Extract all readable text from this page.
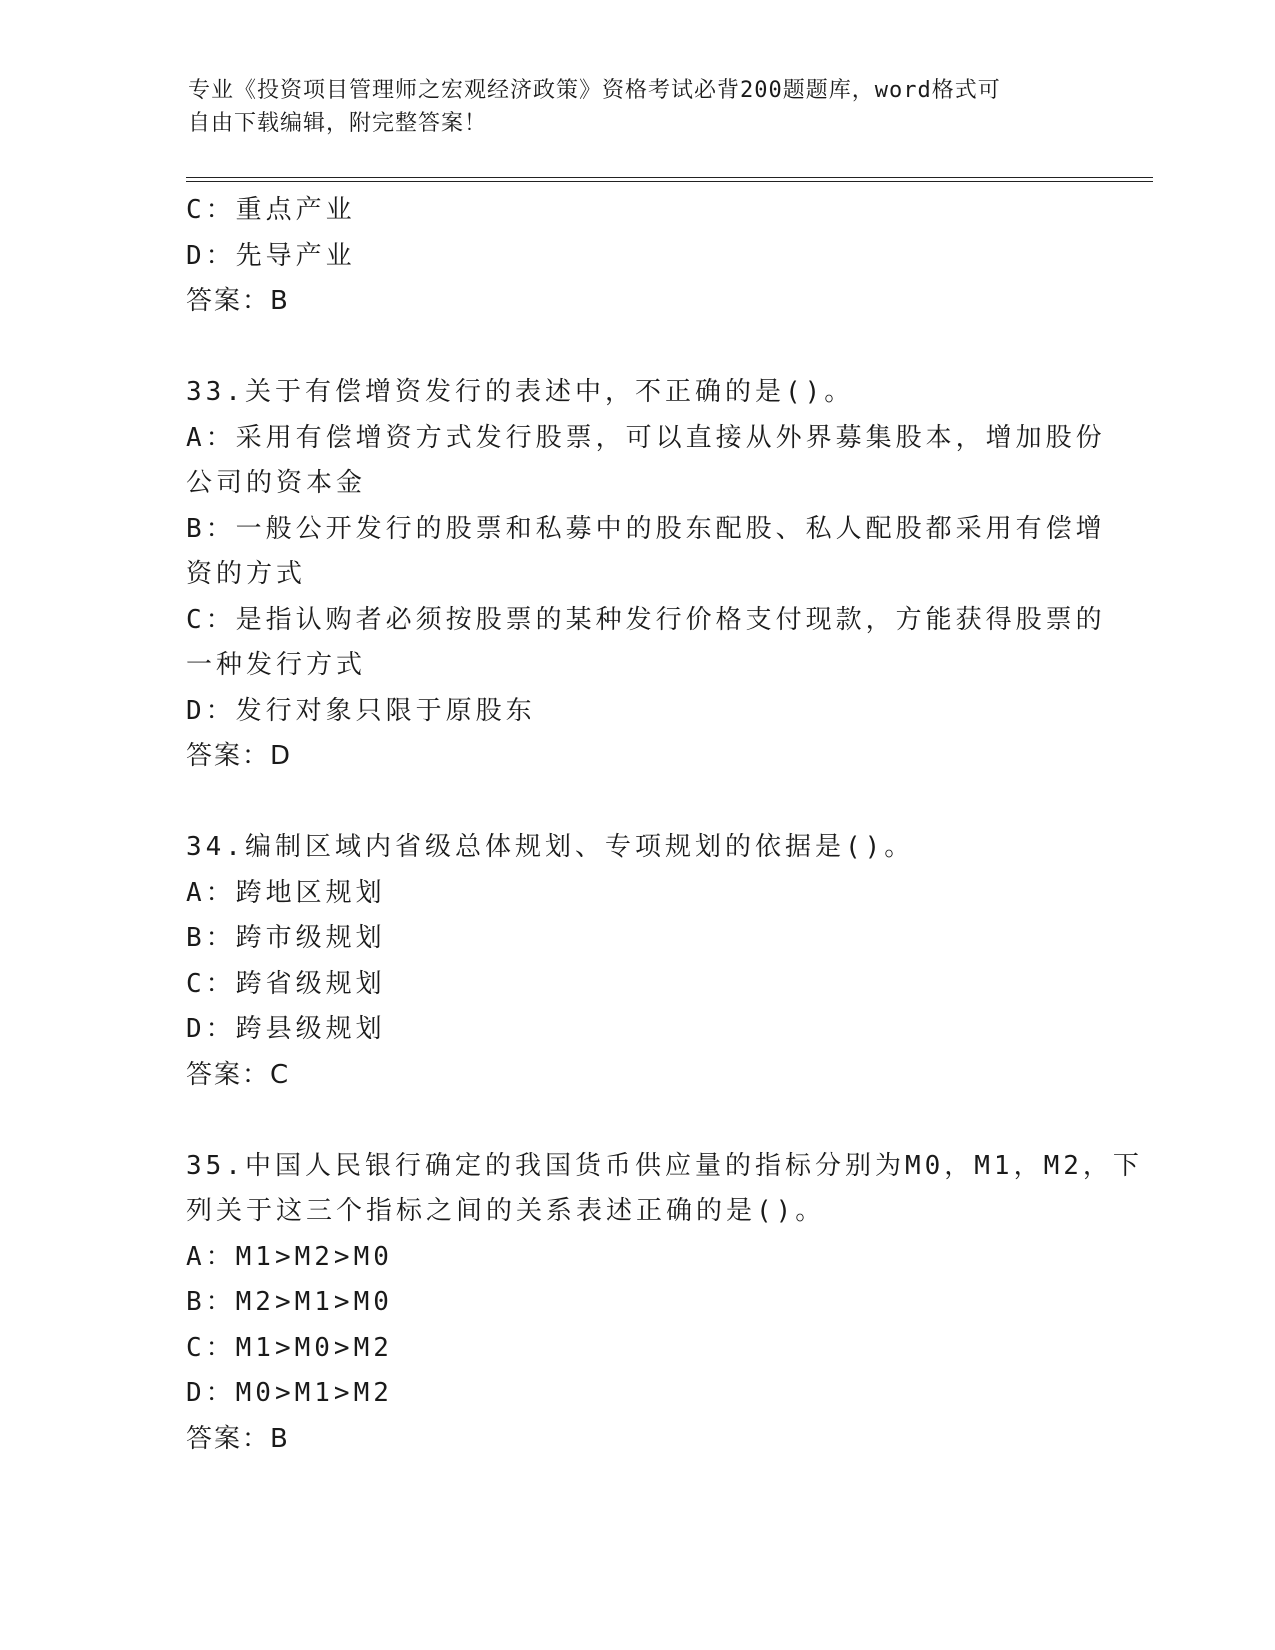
专业《投资项目管理师之宏观经济政策》资格考试必背200题题库，word格式可
自由下载编辑，附完整答案！
C：重点产业
D：先导产业
答案：B
33.关于有偿增资发行的表述中，不正确的是()。
A：采用有偿增资方式发行股票，可以直接从外界募集股本，增加股份
公司的资本金
B：一般公开发行的股票和私募中的股东配股、私人配股都采用有偿增
资的方式
C：是指认购者必须按股票的某种发行价格支付现款，方能获得股票的
一种发行方式
D：发行对象只限于原股东
答案：D
34.编制区域内省级总体规划、专项规划的依据是()。
A：跨地区规划
B：跨市级规划
C：跨省级规划
D：跨县级规划
答案：C
35.中国人民银行确定的我国货币供应量的指标分别为M0，M1，M2，下
列关于这三个指标之间的关系表述正确的是()。
A：M1>M2>M0
B：M2>M1>M0
C：M1>M0>M2
D：M0>M1>M2
答案：B
